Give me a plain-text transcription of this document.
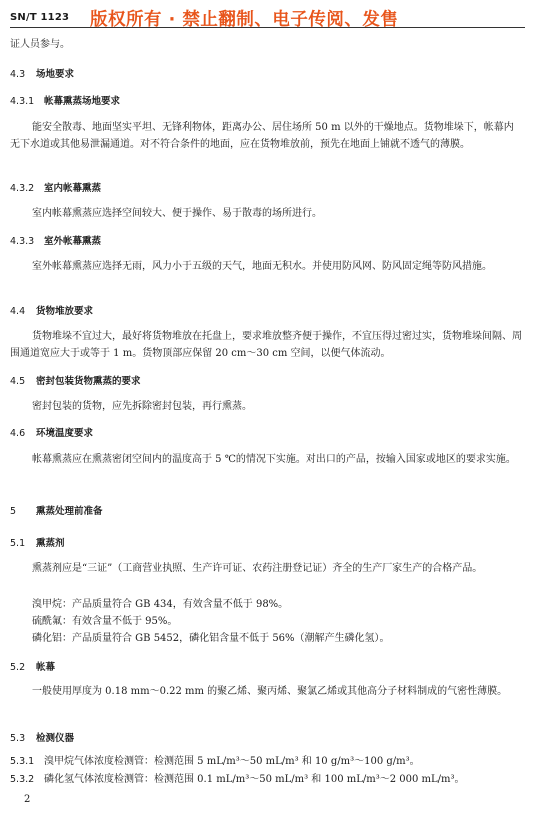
SN/T 1123 版权所有 · 禁止翻制、电子传阅、发售

证人员参与。

4.3 场地要求
4.3.1 帐幕熏蒸场地要求

能安全散毒、地面坚实平坦、无锋利物体，距离办公、居住场所 50 m 以外的干燥地点。货物堆垛下，帐幕内无下水道或其他易泄漏通道。对不符合条件的地面，应在货物堆放前，预先在地面上铺就不透气的薄膜。

4.3.2 室内帐幕熏蒸

室内帐幕熏蒸应选择空间较大、便于操作、易于散毒的场所进行。

4.3.3 室外帐幕熏蒸

室外帐幕熏蒸应选择无雨，风力小于五级的天气，地面无积水。并使用防风网、防风固定绳等防风措施。

4.4 货物堆放要求

货物堆垛不宜过大，最好将货物堆放在托盘上，要求堆放整齐便于操作，不宜压得过密过实，货物堆垛间隔、周围通道宽应大于或等于 1 m。货物顶部应保留 20 cm～30 cm 空间，以便气体流动。

4.5 密封包装货物熏蒸的要求

密封包装的货物，应先拆除密封包装，再行熏蒸。

4.6 环境温度要求

帐幕熏蒸应在熏蒸密闭空间内的温度高于 5 ℃的情况下实施。对出口的产品，按输入国家或地区的要求实施。

5 熏蒸处理前准备
5.1 熏蒸剂

熏蒸剂应是“三证”（工商营业执照、生产许可证、农药注册登记证）齐全的生产厂家生产的合格产品。

溴甲烷：产品质量符合 GB 434，有效含量不低于 98%。

硫酰氟：有效含量不低于 95%。

磷化铝：产品质量符合 GB 5452，磷化铝含量不低于 56%（潮解产生磷化氢）。

5.2 帐幕

一般使用厚度为 0.18 mm～0.22 mm 的聚乙烯、聚丙烯、聚氯乙烯或其他高分子材料制成的气密性薄膜。

5.3 检测仪器
5.3.1 溴甲烷气体浓度检测管：检测范围 5 mL/m³～50 mL/m³ 和 10 g/m³～100 g/m³。
5.3.2 磷化氢气体浓度检测管：检测范围 0.1 mL/m³～50 mL/m³ 和 100 mL/m³～2 000 mL/m³。
2
